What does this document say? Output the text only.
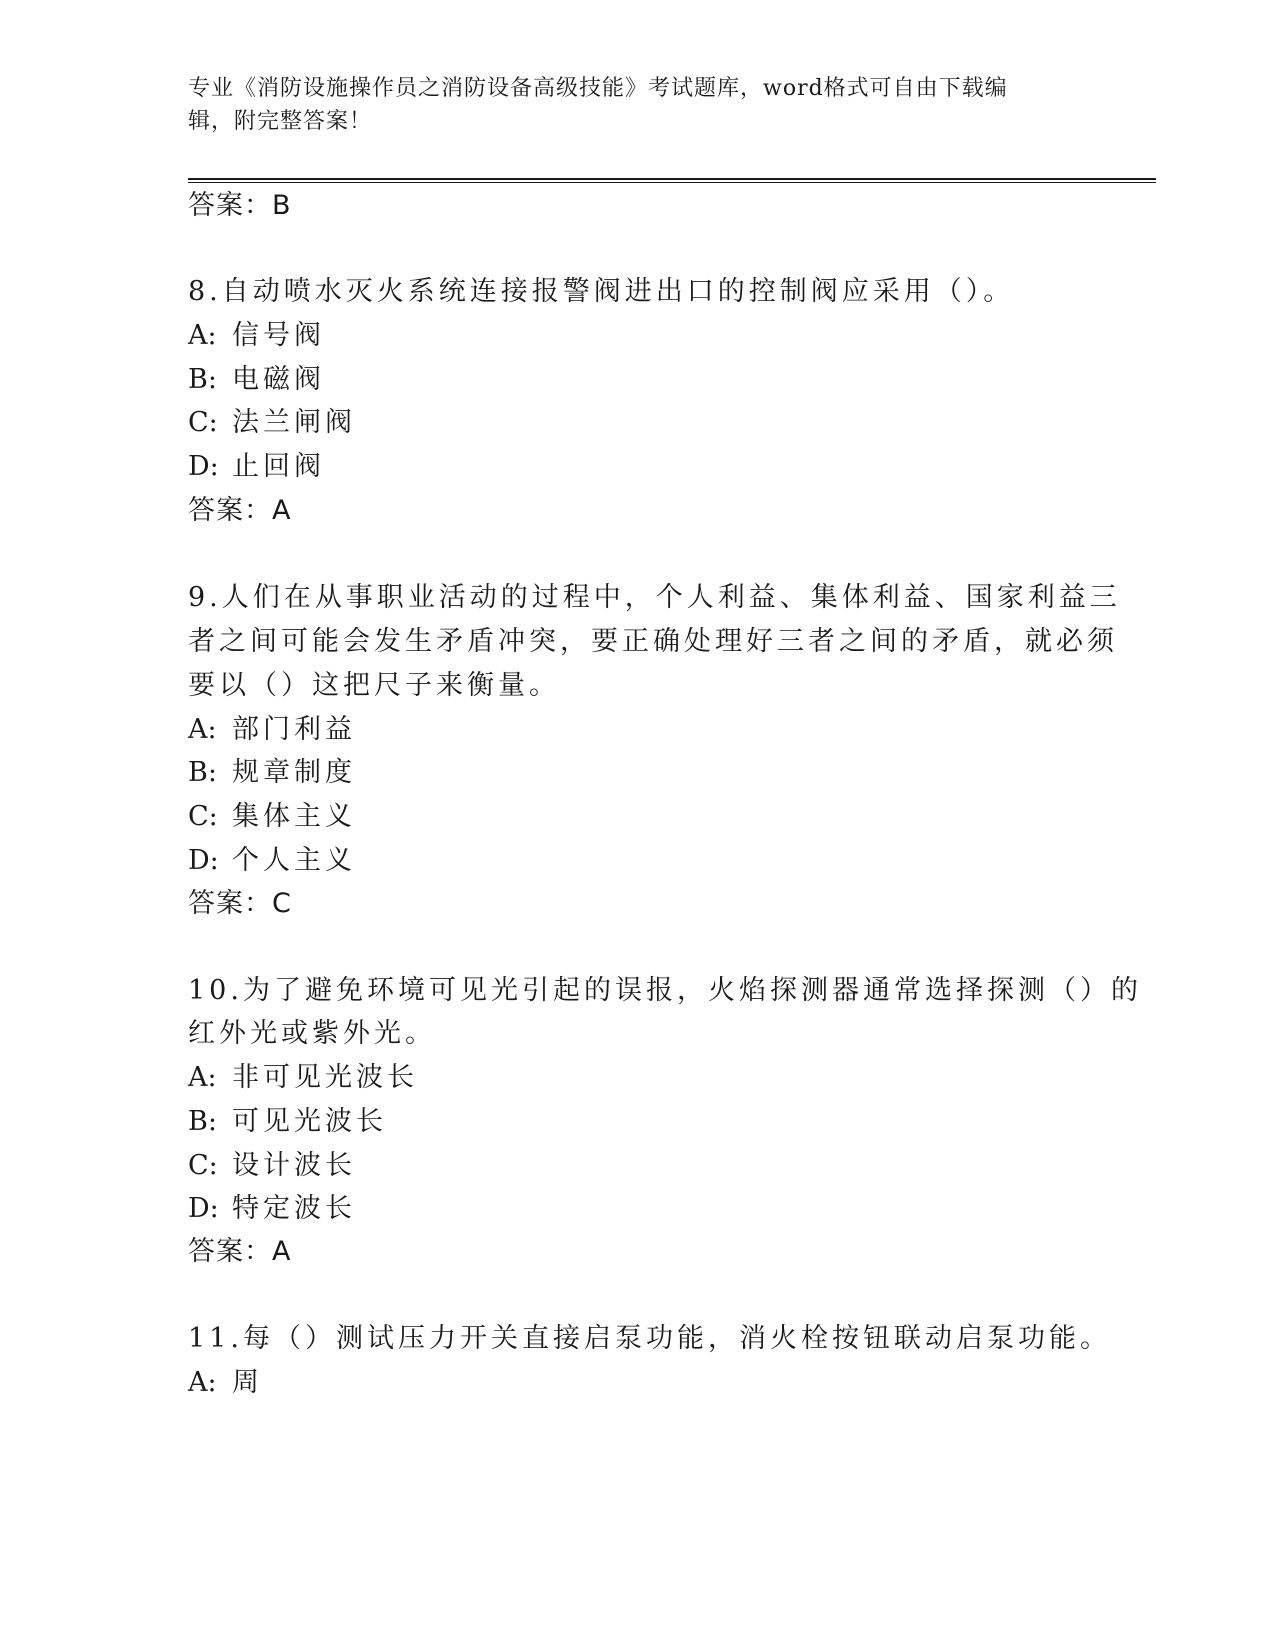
专业《消防设施操作员之消防设备高级技能》考试题库，word格式可自由下载编
辑，附完整答案！
答案：B
8.自动喷水灭火系统连接报警阀进出口的控制阀应采用（）。
A: 信号阀
B: 电磁阀
C: 法兰闸阀
D: 止回阀
答案：A
9.人们在从事职业活动的过程中，个人利益、集体利益、国家利益三
者之间可能会发生矛盾冲突，要正确处理好三者之间的矛盾，就必须
要以（）这把尺子来衡量。
A: 部门利益
B: 规章制度
C: 集体主义
D: 个人主义
答案：C
10.为了避免环境可见光引起的误报，火焰探测器通常选择探测（）的
红外光或紫外光。
A: 非可见光波长
B: 可见光波长
C: 设计波长
D: 特定波长
答案：A
11.每（）测试压力开关直接启泵功能，消火栓按钮联动启泵功能。
A: 周
